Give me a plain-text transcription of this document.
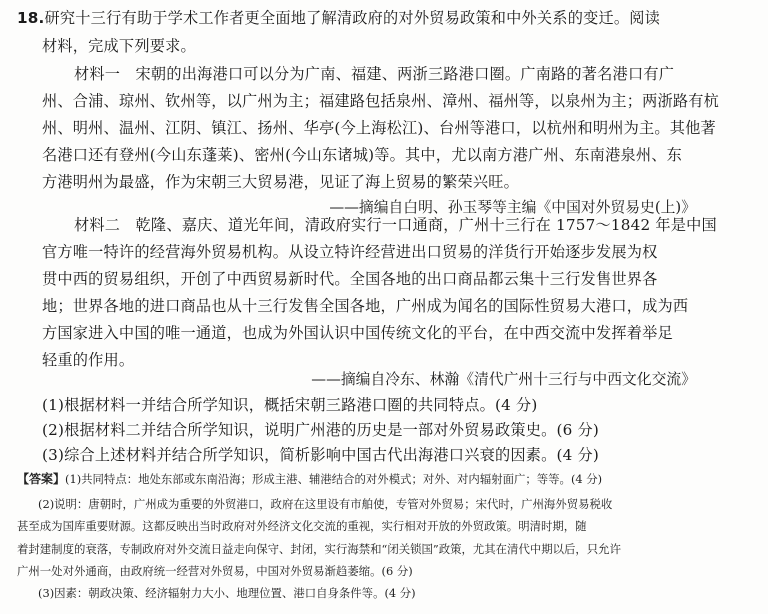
18.研究十三行有助于学术工作者更全面地了解清政府的对外贸易政策和中外关系的变迁。阅读
材料，完成下列要求。
材料一　宋朝的出海港口可以分为广南、福建、两浙三路港口圈。广南路的著名港口有广
州、合浦、琼州、钦州等，以广州为主；福建路包括泉州、漳州、福州等，以泉州为主；两浙路有杭
州、明州、温州、江阴、镇江、扬州、华亭(今上海松江)、台州等港口，以杭州和明州为主。其他著
名港口还有登州(今山东蓬莱)、密州(今山东诸城)等。其中，尤以南方港广州、东南港泉州、东
方港明州为最盛，作为宋朝三大贸易港，见证了海上贸易的繁荣兴旺。
——摘编自白明、孙玉琴等主编《中国对外贸易史(上)》
材料二　乾隆、嘉庆、道光年间，清政府实行一口通商，广州十三行在 1757～1842 年是中国
官方唯一特许的经营海外贸易机构。从设立特许经营进出口贸易的洋货行开始逐步发展为权
贯中西的贸易组织，开创了中西贸易新时代。全国各地的出口商品都云集十三行发售世界各
地；世界各地的进口商品也从十三行发售全国各地，广州成为闻名的国际性贸易大港口，成为西
方国家进入中国的唯一通道，也成为外国认识中国传统文化的平台，在中西交流中发挥着举足
轻重的作用。
——摘编自冷东、林瀚《清代广州十三行与中西文化交流》
(1)根据材料一并结合所学知识，概括宋朝三路港口圈的共同特点。(4 分)
(2)根据材料二并结合所学知识，说明广州港的历史是一部对外贸易政策史。(6 分)
(3)综合上述材料并结合所学知识，简析影响中国古代出海港口兴衰的因素。(4 分)
【答案】(1)共同特点：地处东部或东南沿海；形成主港、辅港结合的对外模式；对外、对内辐射面广；等等。(4 分)
(2)说明：唐朝时，广州成为重要的外贸港口，政府在这里设有市舶使，专管对外贸易；宋代时，广州海外贸易税收
甚至成为国库重要财源。这都反映出当时政府对外经济文化交流的重视，实行相对开放的外贸政策。明清时期，随
着封建制度的衰落，专制政府对外交流日益走向保守、封闭，实行海禁和“闭关锁国”政策，尤其在清代中期以后，只允许
广州一处对外通商，由政府统一经营对外贸易，中国对外贸易渐趋萎缩。(6 分)
(3)因素：朝政决策、经济辐射力大小、地理位置、港口自身条件等。(4 分)
